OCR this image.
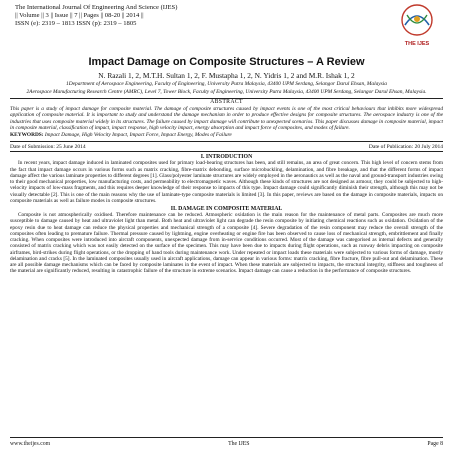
The International Journal Of Engineering And Science (IJES)
|| Volume || 3 || Issue || 7 || Pages || 08-20 || 2014 ||
ISSN (e): 2319 – 1813 ISSN (p): 2319 – 1805
THE IJES
Impact Damage on Composite Structures – A Review

N. Razali 1, 2, M.T.H. Sultan 1, 2, F. Mustapha 1, 2, N. Yidris 1, 2 and M.R. Ishak 1, 2

1Department of Aerospace Engineering, Faculty of Engineering, University Putra Malaysia, 43400 UPM Serdang, Selangor Darul Ehsan, Malaysia

2Aerospace Manufacturing Research Centre (AMRC), Level 7, Tower Block, Faculty of Engineering, University Putra Malaysia, 43400 UPM Serdang, Selangor Darul Ehsan, Malaysia.

ABSTRACT

This paper is a study of impact damage for composite material. The damage of composite structures caused by impact events is one of the most critical behaviours that inhibits more widespread application of composite material. It is important to study and understand the damage mechanism in order to produce effective designs for composite structures. The aerospace industry is one of the industries that uses composite material widely in its structures. The failure caused by impact damage will contribute to unexpected scenarios. This paper discusses damage in composite material, impact in composite material, classification of impact, impact response, high velocity impact, energy absorption and impact force of composites, and modes of failure.

KEYWORDS: Impact Damage, High Velocity Impact, Impact Force, Impact Energy, Modes of Failure

Date of Submission: 25 June 2014	Date of Publication: 20 July 2014

I. INTRODUCTION

In recent years, impact damage induced in laminated composites used for primary load-bearing structures has been, and still remains, an area of great concern. This high level of concern stems from the fact that impact damage occurs in various forms such as matrix cracking, fibre-matrix debonding, surface microbuckling, delamination, and fibre breakage, and that the different forms of impact damage affect the various laminate properties to different degrees [1]. Glass/polyester laminate structures are widely employed in the aeronautics as well as the naval and ground-transport industries owing to their good mechanical properties, low manufacturing costs, and permeability to electromagnetic waves. Although these kinds of structures are not designed as armour, they could be subjected to high-velocity impacts of low-mass fragments, and this requires deeper knowledge of their response to impacts of this type. Impact damage could significantly diminish their strength, although this may not be visually detectable [2]. This is one of the main reasons why the use of laminate-type composite materials is limited [3]. In this paper, reviews are based on the damage in composite materials, impacts on composite materials as well as failure modes in composite structures.

II. DAMAGE IN COMPOSITE MATERIAL

Composite is not atmospherically oxidised. Therefore maintenance can be reduced. Atmospheric oxidation is the main reason for the maintenance of metal parts. Composites are much more susceptible to damage caused by heat and ultraviolet light than metal. Both heat and ultraviolet light can degrade the resin composite by initiating chemical reactions such as oxidation. Oxidation of the epoxy resin due to heat damage can reduce the physical properties and mechanical strength of a composite [4]. Severe degradation of the resin component may reduce the overall strength of the composites often leading to premature failure. Thermal pressure caused by lightning, engine overheating or engine fire has been observed to cause loss of mechanical strength, embrittlement and finally cracking. When composites were introduced into aircraft components, unexpected damage from in-service conditions occurred. Most of the damage was categorised as internal defects and generally consisted of matrix cracking which was not easily detected on the surface of the specimen. This may have been due to impacts during flight operations, such as runway debris impacting on composite airframes, bird-strikes during flight operations, or the dropping of hand tools during maintenance work. Under repeated or impact loads these materials were subjected to various forms of damage, mostly delamination and cracks [5]. In the laminated composites usually used in aircraft applications, damage can appear in various forms: matrix cracking, fibre fracture, fibre pull-out and delamination. These are all possible damage mechanisms which can be faced by composite laminates in the event of impact. When these materials are subjected to impacts, the structural integrity, stiffness and toughness of the material are significantly reduced, resulting in catastrophic failure of the structure in extreme scenarios. Impact damage can cause a reduction in the performance of composite structures.

www.theijes.com	The IJES	Page 8
